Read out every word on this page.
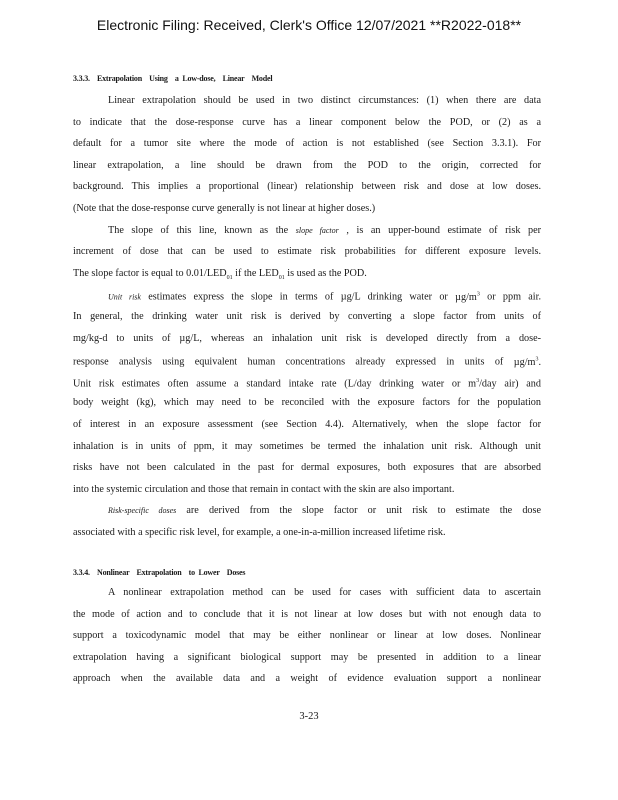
Electronic Filing: Received, Clerk's Office 12/07/2021 **R2022-018**
3.3.3.    Extrapolation    Using    a  Low-dose,    Linear    Model
Linear extrapolation should be used in two distinct circumstances: (1) when there are data
to indicate that the dose-response curve has a linear component below the POD, or (2) as a
default for a tumor site where the mode of action is not established (see Section 3.3.1). For
linear extrapolation, a line should be drawn from the POD to the origin, corrected for
background. This implies a proportional (linear) relationship between risk and dose at low doses.
(Note that the dose-response curve generally is not linear at higher doses.)
The slope of this line, known as the slope factor , is an upper-bound estimate of risk per
increment of dose that can be used to estimate risk probabilities for different exposure levels.
The slope factor is equal to $0.01/LED_{01}$ if the $LED_{01}$ is used as the POD.
Unit risk estimates express the slope in terms of µg/L drinking water or $\mu g/m^3$ or ppm air.
In general, the drinking water unit risk is derived by converting a slope factor from units of
mg/kg-d to units of µg/L, whereas an inhalation unit risk is developed directly from a dose-
response analysis using equivalent human concentrations already expressed in units of $\mu g/m^3$.
Unit risk estimates often assume a standard intake rate (L/day drinking water or $m^3$/day air) and
body weight (kg), which may need to be reconciled with the exposure factors for the population
of interest in an exposure assessment (see Section 4.4). Alternatively, when the slope factor for
inhalation is in units of ppm, it may sometimes be termed the inhalation unit risk. Although unit
risks have not been calculated in the past for dermal exposures, both exposures that are absorbed
into the systemic circulation and those that remain in contact with the skin are also important.
Risk-specific doses are derived from the slope factor or unit risk to estimate the dose
associated with a specific risk level, for example, a one-in-a-million increased lifetime risk.
3.3.4.    Nonlinear    Extrapolation    to  Lower    Doses
A nonlinear extrapolation method can be used for cases with sufficient data to ascertain
the mode of action and to conclude that it is not linear at low doses but with not enough data to
support a toxicodynamic model that may be either nonlinear or linear at low doses. Nonlinear
extrapolation having a significant biological support may be presented in addition to a linear
approach when the available data and a weight of evidence evaluation support a nonlinear
3-23
